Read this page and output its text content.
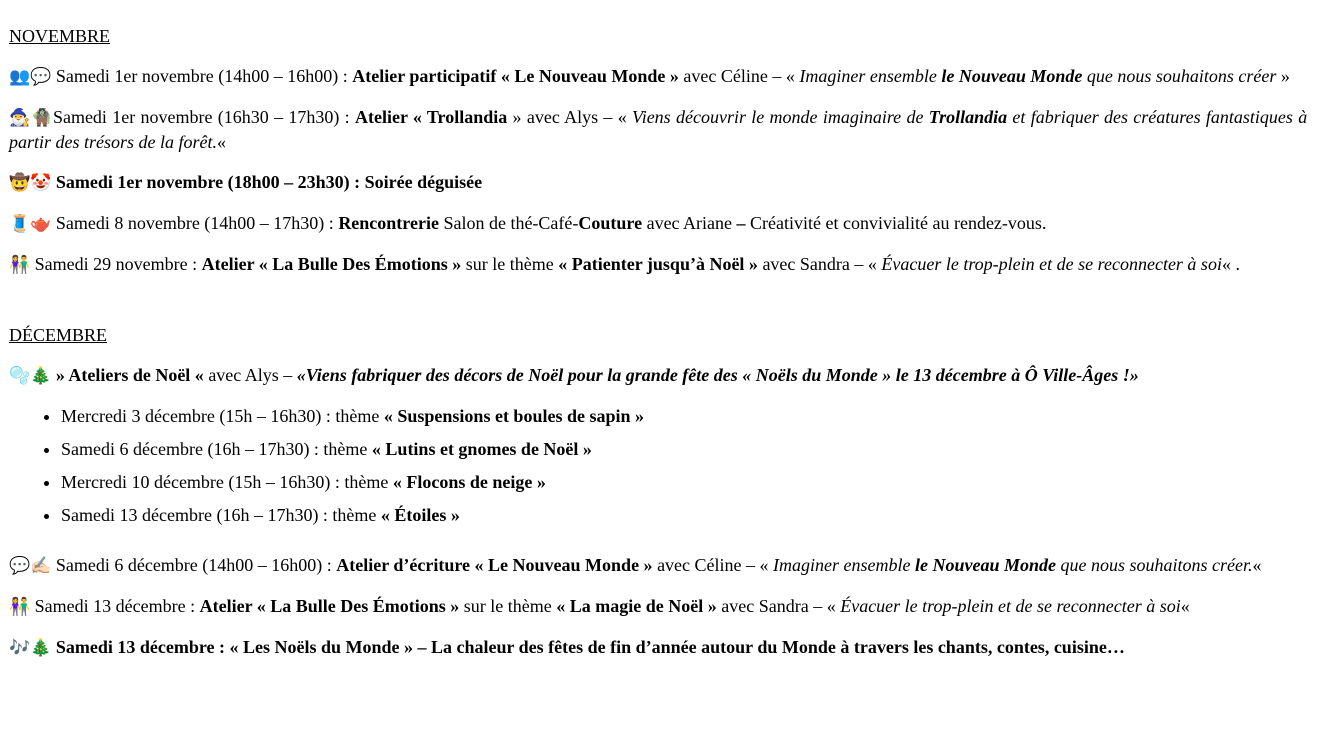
NOVEMBRE

👥💬 Samedi 1er novembre (14h00 – 16h00) : Atelier participatif « Le Nouveau Monde » avec Céline – « Imaginer ensemble le Nouveau Monde que nous souhaitons créer »

🧙‍♂️🧌Samedi 1er novembre (16h30 – 17h30) : Atelier « Trollandia » avec Alys – « Viens découvrir le monde imaginaire de Trollandia et fabriquer des créatures fantastiques à partir des trésors de la forêt.«

🤠🤡 Samedi 1er novembre (18h00 – 23h30) : Soirée déguisée

🧵🫖 Samedi 8 novembre (14h00 – 17h30) : Rencontrerie Salon de thé-Café-Couture avec Ariane – Créativité et convivialité au rendez-vous.

👫 Samedi 29 novembre : Atelier « La Bulle Des Émotions » sur le thème « Patienter jusqu’à Noël » avec Sandra – « Évacuer le trop-plein et de se reconnecter à soi« .

DÉCEMBRE

🫧🎄 » Ateliers de Noël « avec Alys – «Viens fabriquer des décors de Noël pour la grande fête des « Noëls du Monde » le 13 décembre à Ô Ville-Âges !»

• Mercredi 3 décembre (15h – 16h30) : thème « Suspensions et boules de sapin »
• Samedi 6 décembre (16h – 17h30) : thème « Lutins et gnomes de Noël »
• Mercredi 10 décembre (15h – 16h30) : thème « Flocons de neige »
• Samedi 13 décembre (16h – 17h30) : thème « Étoiles »

💬✍🏻 Samedi 6 décembre (14h00 – 16h00) : Atelier d’écriture « Le Nouveau Monde » avec Céline – « Imaginer ensemble le Nouveau Monde que nous souhaitons créer.«

👫 Samedi 13 décembre : Atelier « La Bulle Des Émotions » sur le thème « La magie de Noël » avec Sandra – « Évacuer le trop-plein et de se reconnecter à soi«

🎶🎄 Samedi 13 décembre : « Les Noëls du Monde » – La chaleur des fêtes de fin d’année autour du Monde à travers les chants, contes, cuisine…
